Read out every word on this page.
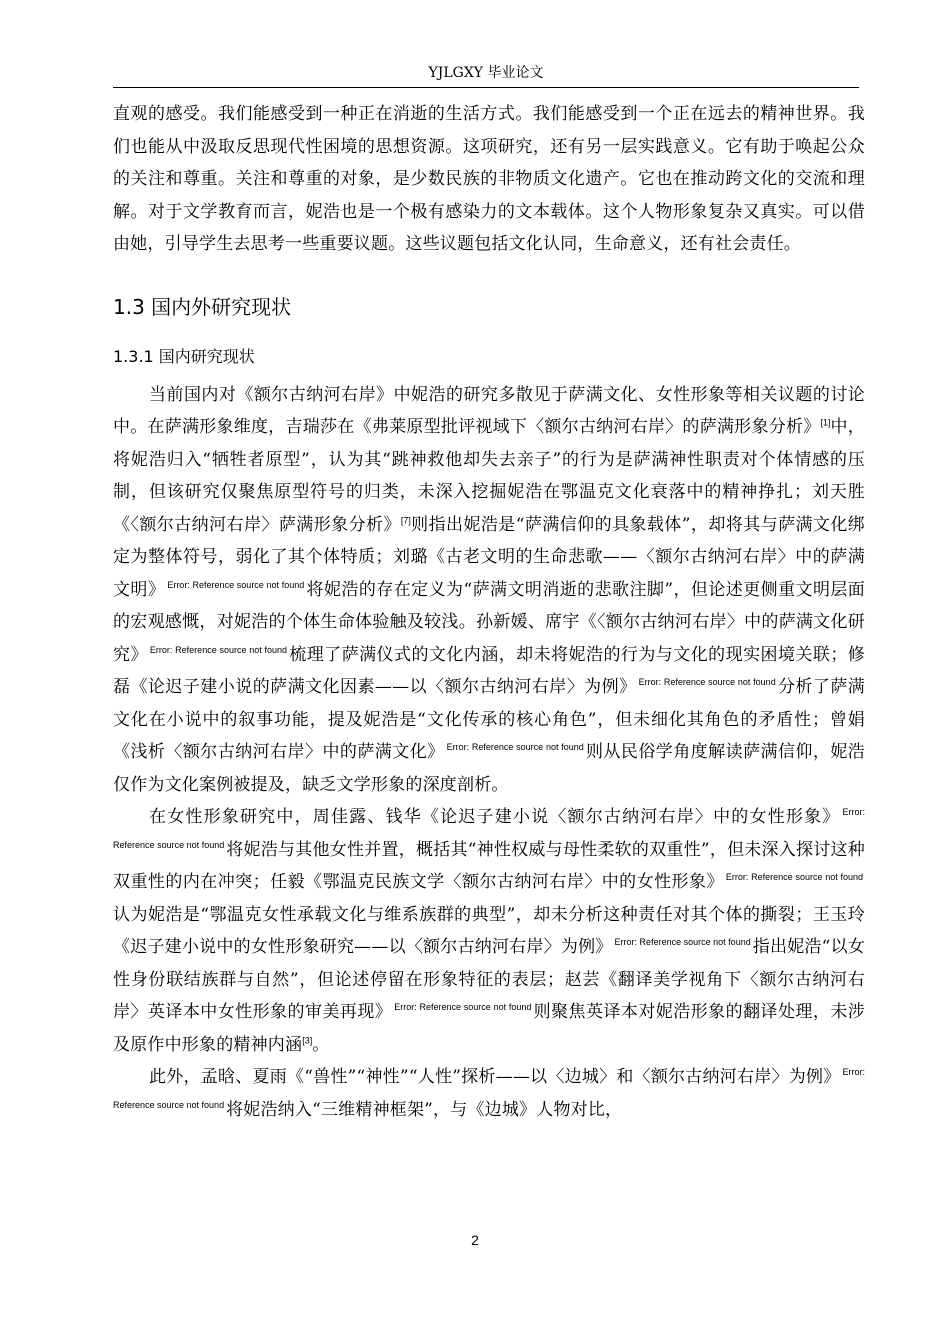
YJLGXY 毕业论文

直观的感受。我们能感受到一种正在消逝的生活方式。我们能感受到一个正在远去的精神世界。我们也能从中汲取反思现代性困境的思想资源。这项研究，还有另一层实践意义。它有助于唤起公众的关注和尊重。关注和尊重的对象，是少数民族的非物质文化遗产。它也在推动跨文化的交流和理解。对于文学教育而言，妮浩也是一个极有感染力的文本载体。这个人物形象复杂又真实。可以借由她，引导学生去思考一些重要议题。这些议题包括文化认同，生命意义，还有社会责任。

1.3 国内外研究现状
1.3.1 国内研究现状

当前国内对《额尔古纳河右岸》中妮浩的研究多散见于萨满文化、女性形象等相关议题的讨论中。在萨满形象维度，吉瑞莎在《弗莱原型批评视域下〈额尔古纳河右岸〉的萨满形象分析》[1]中，将妮浩归入“牺牲者原型”，认为其“跳神救他却失去亲子”的行为是萨满神性职责对个体情感的压制，但该研究仅聚焦原型符号的归类，未深入挖掘妮浩在鄂温克文化衰落中的精神挣扎；刘天胜《〈额尔古纳河右岸〉萨满形象分析》[7]则指出妮浩是“萨满信仰的具象载体”，却将其与萨满文化绑定为整体符号，弱化了其个体特质；刘璐《古老文明的生命悲歌——〈额尔古纳河右岸〉中的萨满文明》 $^{Error: Reference source not found}$ 将妮浩的存在定义为“萨满文明消逝的悲歌注脚”，但论述更侧重文明层面的宏观感慨，对妮浩的个体生命体验触及较浅。孙新媛、席宇《〈额尔古纳河右岸〉中的萨满文化研究》 $^{Error: Reference source not found}$ 梳理了萨满仪式的文化内涵，却未将妮浩的行为与文化的现实困境关联；修磊《论迟子建小说的萨满文化因素——以〈额尔古纳河右岸〉为例》 $^{Error: Reference source not found}$ 分析了萨满文化在小说中的叙事功能，提及妮浩是“文化传承的核心角色”，但未细化其角色的矛盾性；曾娟《浅析〈额尔古纳河右岸〉中的萨满文化》 $^{Error: Reference source not found}$ 则从民俗学角度解读萨满信仰，妮浩仅作为文化案例被提及，缺乏文学形象的深度剖析。

在女性形象研究中，周佳露、钱华《论迟子建小说〈额尔古纳河右岸〉中的女性形象》 $^{Error: Reference source not found}$ 将妮浩与其他女性并置，概括其“神性权威与母性柔软的双重性”，但未深入探讨这种双重性的内在冲突；任毅《鄂温克民族文学〈额尔古纳河右岸〉中的女性形象》 $^{Error: Reference source not found}$认为妮浩是“鄂温克女性承载文化与维系族群的典型”，却未分析这种责任对其个体的撕裂；王玉玲《迟子建小说中的女性形象研究——以〈额尔古纳河右岸〉为例》 $^{Error: Reference source not found}$ 指出妮浩“以女性身份联结族群与自然”，但论述停留在形象特征的表层；赵芸《翻译美学视角下〈额尔古纳河右岸〉英译本中女性形象的审美再现》 $^{Error: Reference source not found}$ 则聚焦英译本对妮浩形象的翻译处理，未涉及原作中形象的精神内涵[3]。

此外，孟晗、夏雨《“兽性”“神性”“人性”探析——以〈边城〉和〈额尔古纳河右岸〉为例》 $^{Error: Reference source not found}$ 将妮浩纳入“三维精神框架”，与《边城》人物对比，

2
